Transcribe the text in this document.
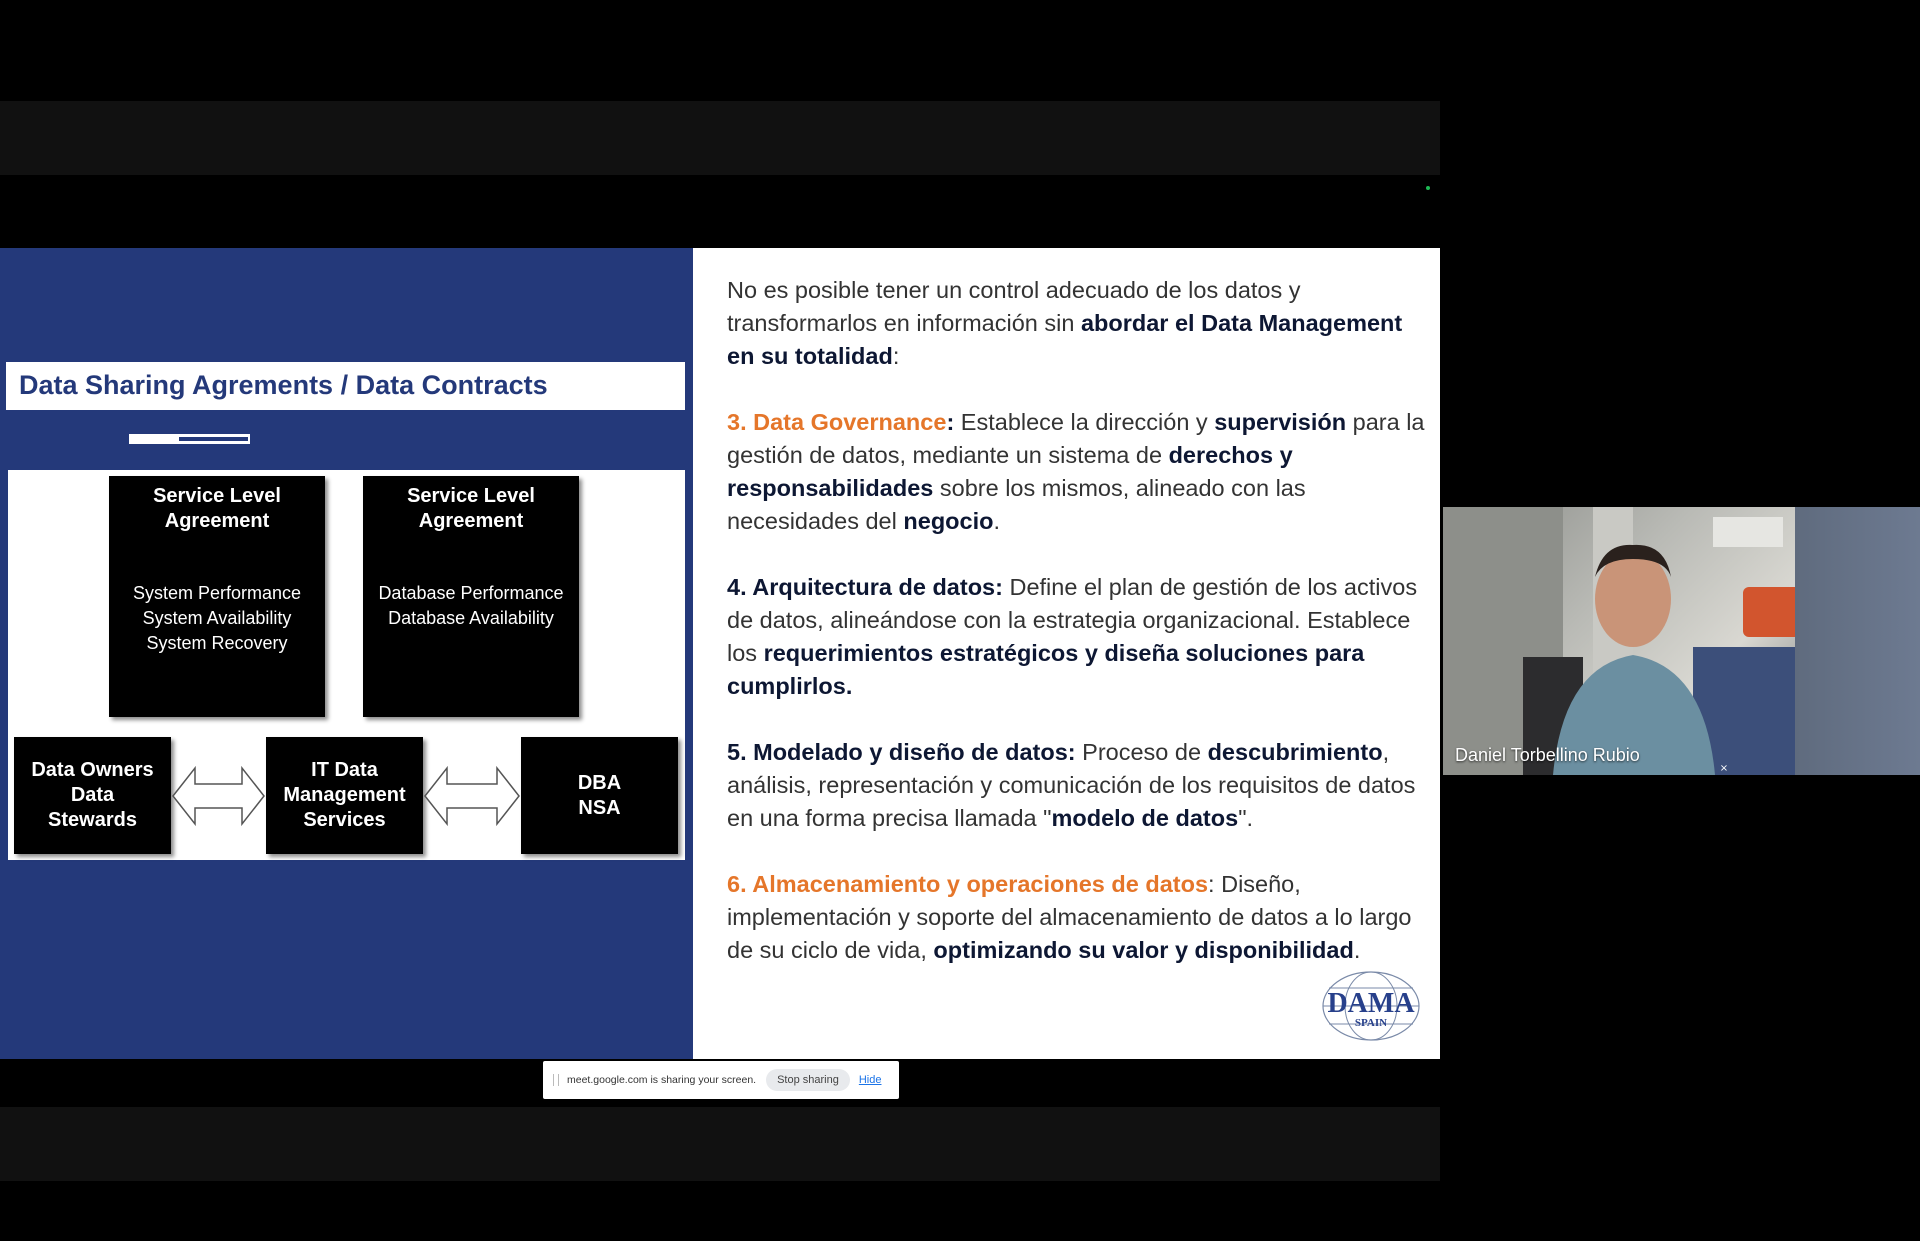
Data Sharing Agrements / Data Contracts
Service Level
Agreement
System Performance
System Availability
System Recovery
Service Level
Agreement
Database Performance
Database Availability
Data Owners
Data
Stewards
IT Data
Management
Services
DBA
NSA
No es posible tener un control adecuado de los datos y transformarlos en información sin abordar el Data Management en su totalidad:
3. Data Governance: Establece la dirección y supervisión para la gestión de datos, mediante un sistema de derechos y responsabilidades sobre los mismos, alineado con las necesidades del negocio.
4. Arquitectura de datos: Define el plan de gestión de los activos de datos, alineándose con la estrategia organizacional. Establece los requerimientos estratégicos y diseña soluciones para cumplirlos.
5. Modelado y diseño de datos: Proceso de descubrimiento, análisis, representación y comunicación de los requisitos de datos en una forma precisa llamada "modelo de datos".
6. Almacenamiento y operaciones de datos: Diseño, implementación y soporte del almacenamiento de datos a lo largo de su ciclo de vida, optimizando su valor y disponibilidad.
DAMA
SPAIN
Daniel Torbellino Rubio
×
meet.google.com is sharing your screen.	Stop sharing	Hide
